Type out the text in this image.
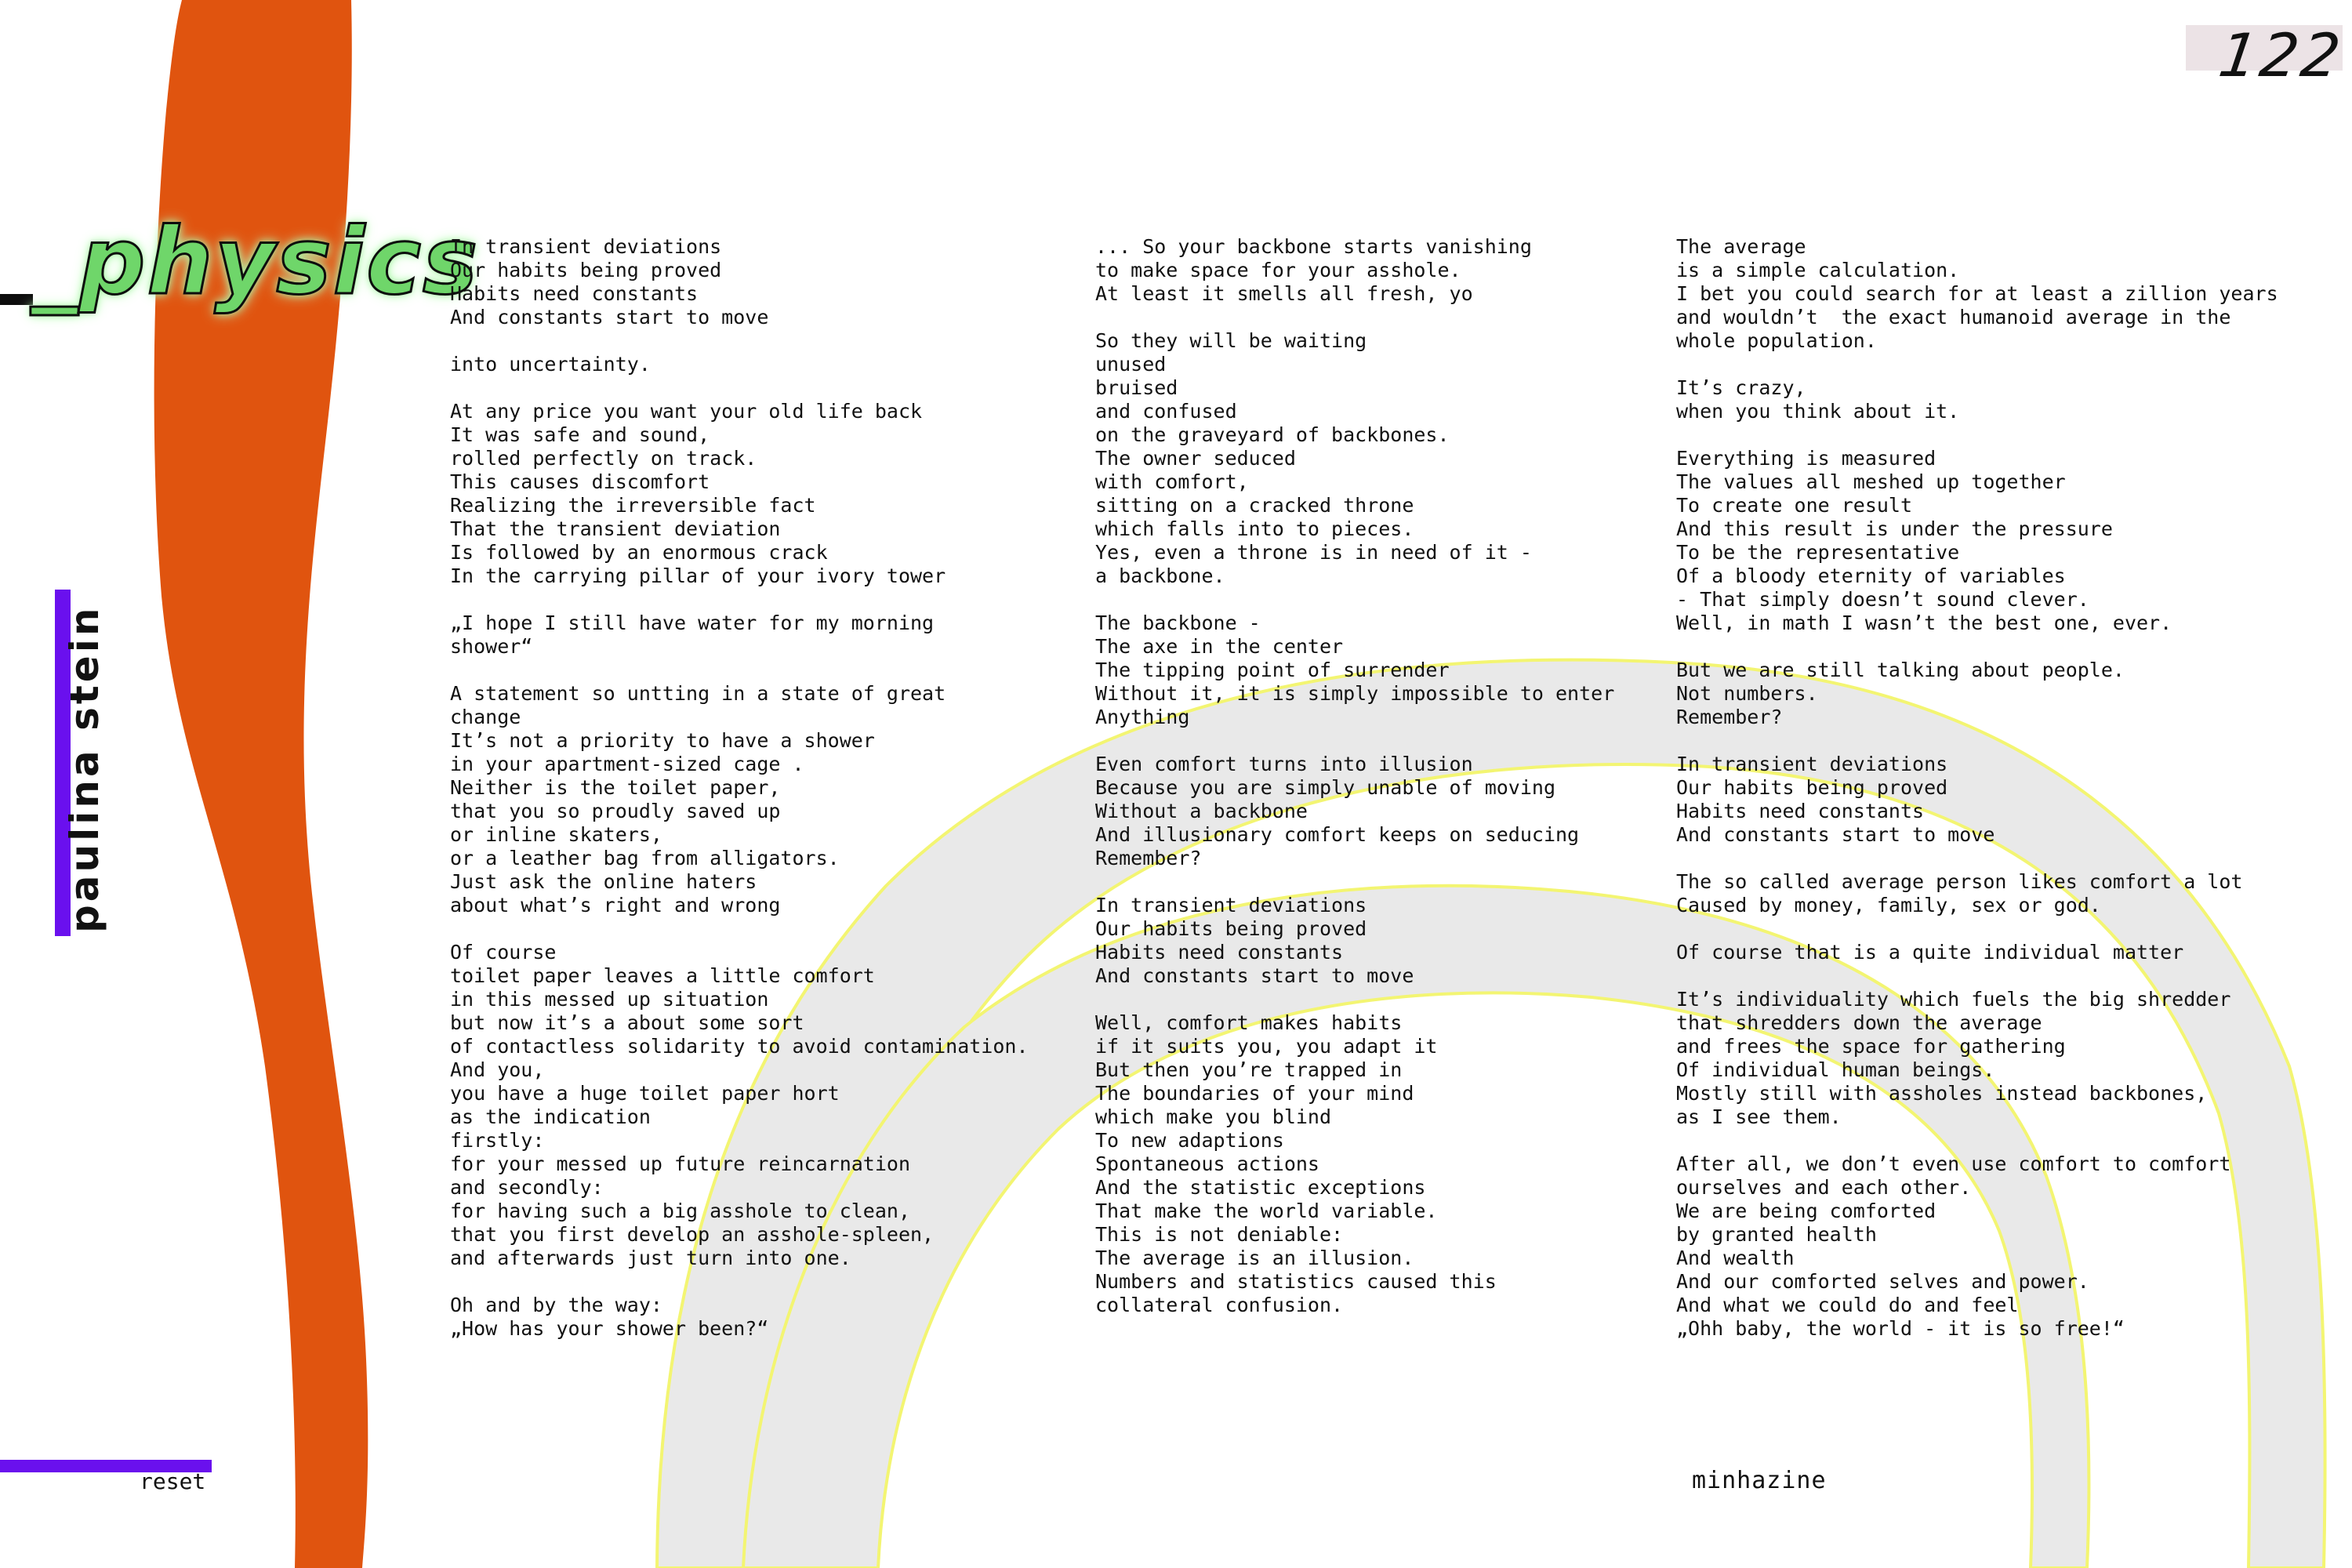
122
_physics
paulina stein
In transient deviations
Our habits being proved
Habits need constants
And constants start to move
into uncertainty.
At any price you want your old life back
It was safe and sound,
rolled perfectly on track.
This causes discomfort
Realizing the irreversible fact
That the transient deviation
Is followed by an enormous crack
In the carrying pillar of your ivory tower
„I hope I still have water for my morning
shower“
A statement so untting in a state of great
change
It’s not a priority to have a shower
in your apartment-sized cage .
Neither is the toilet paper,
that you so proudly saved up
or inline skaters,
or a leather bag from alligators.
Just ask the online haters
about what’s right and wrong
Of course
toilet paper leaves a little comfort
in this messed up situation
but now it’s a about some sort
of contactless solidarity to avoid contamination.
And you,
you have a huge toilet paper hort
as the indication
firstly:
for your messed up future reincarnation
and secondly:
for having such a big asshole to clean,
that you first develop an asshole-spleen,
and afterwards just turn into one.
Oh and by the way:
„How has your shower been?“
... So your backbone starts vanishing
to make space for your asshole.
At least it smells all fresh, yo
So they will be waiting
unused
bruised
and confused
on the graveyard of backbones.
The owner seduced
with comfort,
sitting on a cracked throne
which falls into to pieces.
Yes, even a throne is in need of it -
a backbone.
The backbone -
The axe in the center
The tipping point of surrender
Without it, it is simply impossible to enter
Anything
Even comfort turns into illusion
Because you are simply unable of moving
Without a backbone
And illusionary comfort keeps on seducing
Remember?
In transient deviations
Our habits being proved
Habits need constants
And constants start to move
Well, comfort makes habits
if it suits you, you adapt it
But then you’re trapped in
The boundaries of your mind
which make you blind
To new adaptions
Spontaneous actions
And the statistic exceptions
That make the world variable.
This is not deniable:
The average is an illusion.
Numbers and statistics caused this
collateral confusion.
The average
is a simple calculation.
I bet you could search for at least a zillion years
and wouldn’t  the exact humanoid average in the
whole population.
It’s crazy,
when you think about it.
Everything is measured
The values all meshed up together
To create one result
And this result is under the pressure
To be the representative
Of a bloody eternity of variables
- That simply doesn’t sound clever.
Well, in math I wasn’t the best one, ever.
But we are still talking about people.
Not numbers.
Remember?
In transient deviations
Our habits being proved
Habits need constants
And constants start to move
The so called average person likes comfort a lot
Caused by money, family, sex or god.
Of course that is a quite individual matter
It’s individuality which fuels the big shredder
that shredders down the average
and frees the space for gathering
Of individual human beings.
Mostly still with assholes instead backbones,
as I see them.
After all, we don’t even use comfort to comfort
ourselves and each other.
We are being comforted
by granted health
And wealth
And our comforted selves and power.
And what we could do and feel
„Ohh baby, the world - it is so free!“
reset	minhazine
